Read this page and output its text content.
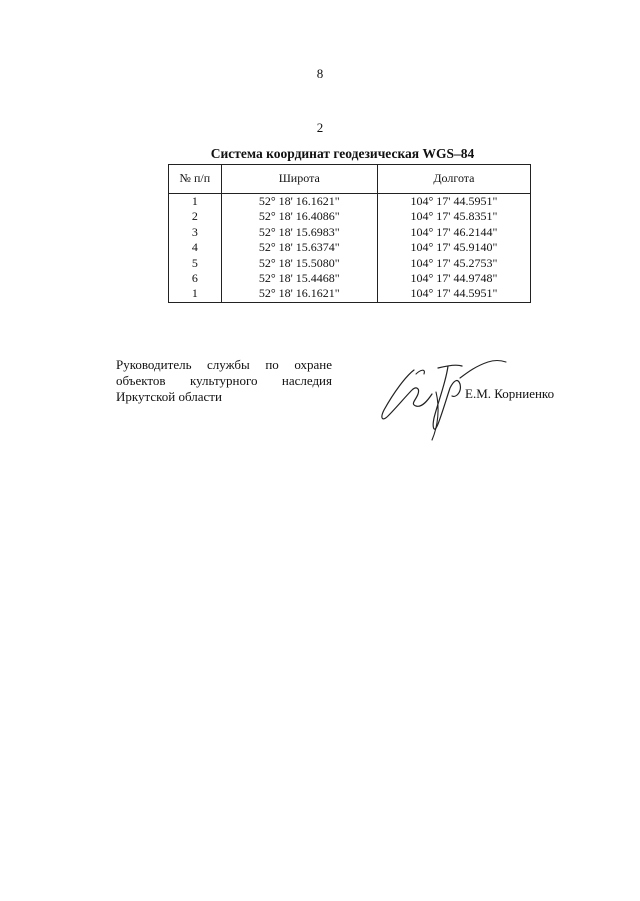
8
2
Система координат геодезическая WGS–84
№ п/п	Широта	Долгота
1	52° 18' 16.1621"	104° 17' 44.5951"
2	52° 18' 16.4086"	104° 17' 45.8351"
3	52° 18' 15.6983"	104° 17' 46.2144"
4	52° 18' 15.6374"	104° 17' 45.9140"
5	52° 18' 15.5080"	104° 17' 45.2753"
6	52° 18' 15.4468"	104° 17' 44.9748"
1	52° 18' 16.1621"	104° 17' 44.5951"
Руководитель службы по охране
объектов культурного наследия
Иркутской области	Е.М. Корниенко
